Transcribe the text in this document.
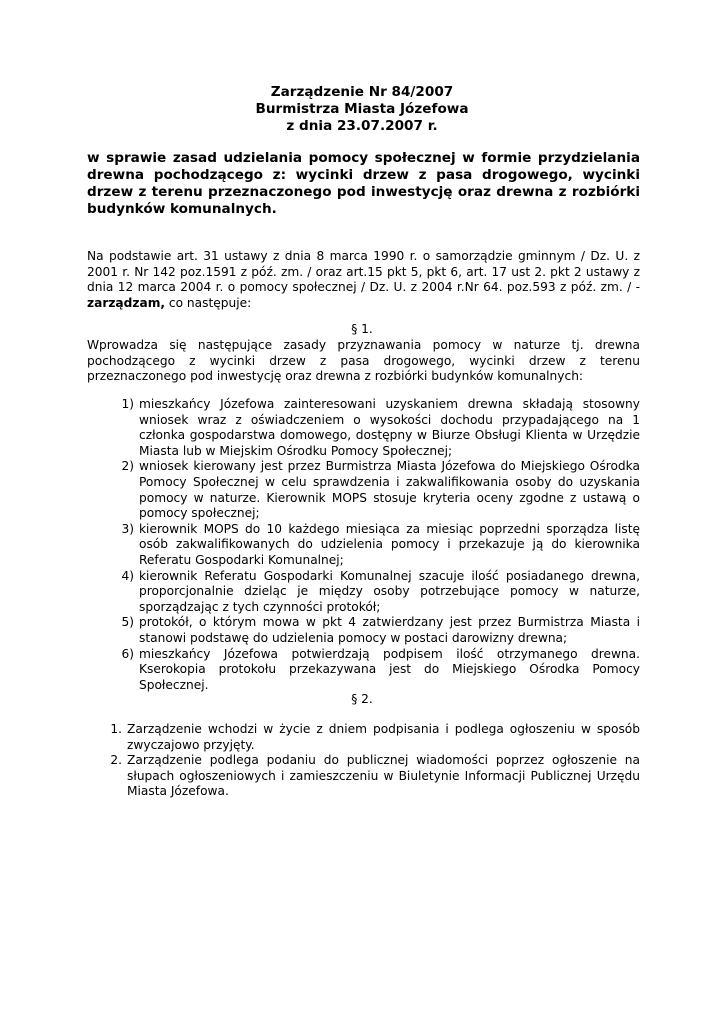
Zarządzenie Nr 84/2007
Burmistrza Miasta Józefowa
z dnia 23.07.2007 r.
w sprawie zasad udzielania pomocy społecznej w formie przydzielania drewna pochodzącego z: wycinki drzew z pasa drogowego, wycinki drzew z terenu przeznaczonego pod inwestycję oraz drewna z rozbiórki budynków komunalnych.
Na podstawie art. 31 ustawy z dnia 8 marca 1990 r. o samorządzie gminnym / Dz. U. z 2001 r. Nr 142 poz.1591 z póź. zm. / oraz art.15 pkt 5, pkt 6, art. 17 ust 2. pkt 2 ustawy z dnia 12 marca 2004 r. o pomocy społecznej / Dz. U. z 2004 r.Nr 64. poz.593 z póź. zm. / - zarządzam, co następuje:
§ 1.
Wprowadza się następujące zasady przyznawania pomocy w naturze tj. drewna pochodzącego z wycinki drzew z pasa drogowego, wycinki drzew z terenu przeznaczonego pod inwestycję oraz drewna z rozbiórki budynków komunalnych:
1) mieszkańcy Józefowa zainteresowani uzyskaniem drewna składają stosowny wniosek wraz z oświadczeniem o wysokości dochodu przypadającego na 1 członka gospodarstwa domowego, dostępny w Biurze Obsługi Klienta w Urzędzie Miasta lub w Miejskim Ośrodku Pomocy Społecznej;
2) wniosek kierowany jest przez Burmistrza Miasta Józefowa do Miejskiego Ośrodka Pomocy Społecznej w celu sprawdzenia i zakwalifikowania osoby do uzyskania pomocy w naturze. Kierownik MOPS stosuje kryteria oceny zgodne z ustawą o pomocy społecznej;
3) kierownik MOPS do 10 każdego miesiąca za miesiąc poprzedni sporządza listę osób zakwalifikowanych do udzielenia pomocy i przekazuje ją do kierownika Referatu Gospodarki Komunalnej;
4) kierownik Referatu Gospodarki Komunalnej szacuje ilość posiadanego drewna, proporcjonalnie dzieląc je między osoby potrzebujące pomocy w naturze, sporządzając z tych czynności protokół;
5) protokół, o którym mowa w pkt 4 zatwierdzany jest przez Burmistrza Miasta i stanowi podstawę do udzielenia pomocy w postaci darowizny drewna;
6) mieszkańcy Józefowa potwierdzają podpisem ilość otrzymanego drewna. Kserokopia protokołu przekazywana jest do Miejskiego Ośrodka Pomocy Społecznej.
§ 2.
1. Zarządzenie wchodzi w życie z dniem podpisania i podlega ogłoszeniu w sposób zwyczajowo przyjęty.
2. Zarządzenie podlega podaniu do publicznej wiadomości poprzez ogłoszenie na słupach ogłoszeniowych i zamieszczeniu w Biuletynie Informacji Publicznej Urzędu Miasta Józefowa.
